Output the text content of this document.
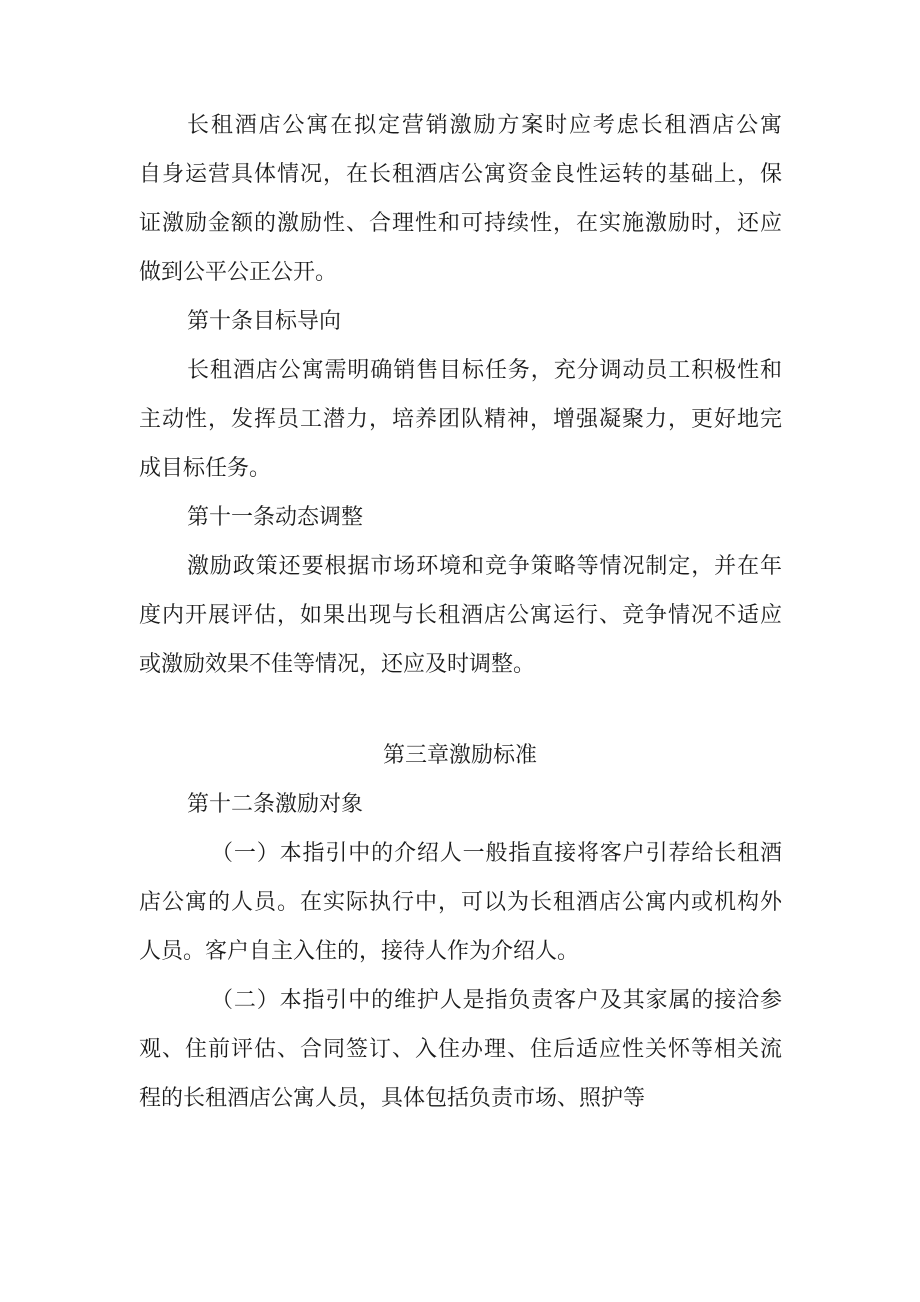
长租酒店公寓在拟定营销激励方案时应考虑长租酒店公寓

自身运营具体情况，在长租酒店公寓资金良性运转的基础上，保

证激励金额的激励性、合理性和可持续性，在实施激励时，还应

做到公平公正公开。

第十条目标导向

长租酒店公寓需明确销售目标任务，充分调动员工积极性和

主动性，发挥员工潜力，培养团队精神，增强凝聚力，更好地完

成目标任务。

第十一条动态调整

激励政策还要根据市场环境和竞争策略等情况制定，并在年

度内开展评估，如果出现与长租酒店公寓运行、竞争情况不适应

或激励效果不佳等情况，还应及时调整。

第三章激励标准

第十二条激励对象

（一）本指引中的介绍人一般指直接将客户引荐给长租酒

店公寓的人员。在实际执行中，可以为长租酒店公寓内或机构外

人员。客户自主入住的，接待人作为介绍人。

（二）本指引中的维护人是指负责客户及其家属的接洽参

观、住前评估、合同签订、入住办理、住后适应性关怀等相关流

程的长租酒店公寓人员，具体包括负责市场、照护等
